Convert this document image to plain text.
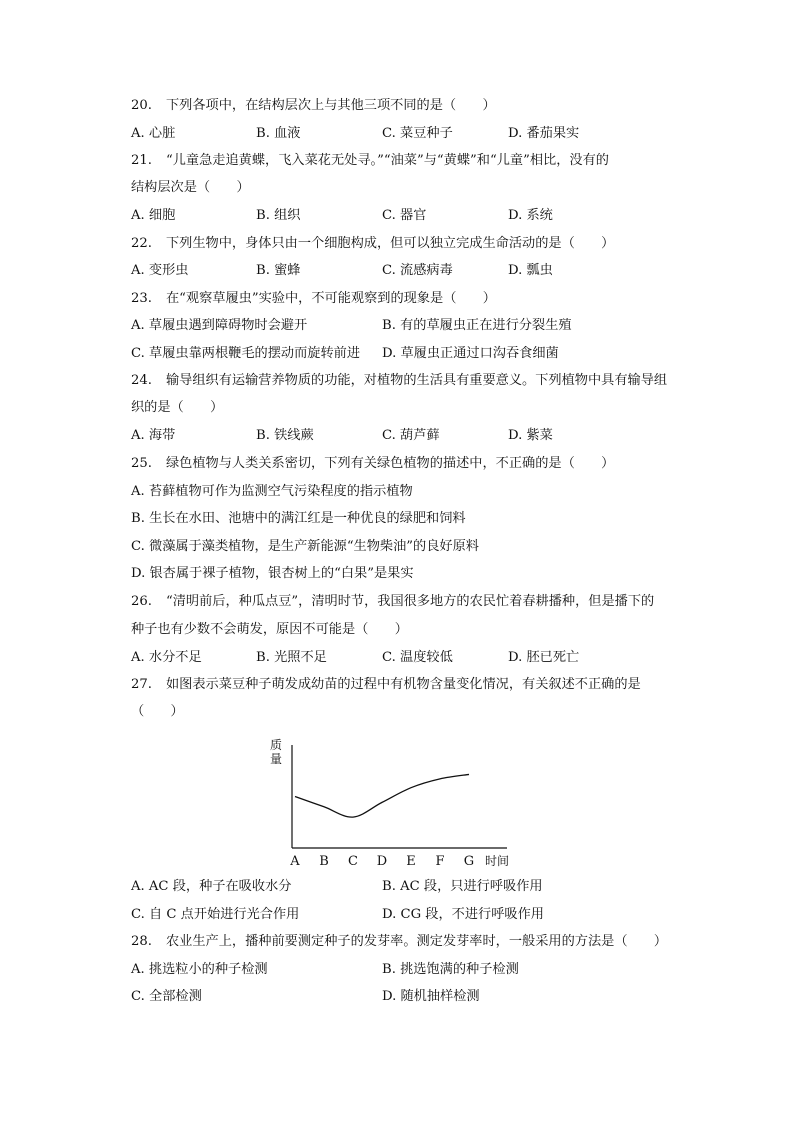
20. 下列各项中，在结构层次上与其他三项不同的是（　　）
A. 心脏	B. 血液	C. 菜豆种子	D. 番茄果实
21. “儿童急走追黄蝶，飞入菜花无处寻。”“油菜”与“黄蝶”和“儿童”相比，没有的
结构层次是（　　）
A. 细胞	B. 组织	C. 器官	D. 系统
22. 下列生物中，身体只由一个细胞构成，但可以独立完成生命活动的是（　　）
A. 变形虫	B. 蜜蜂	C. 流感病毒	D. 瓢虫
23. 在“观察草履虫”实验中，不可能观察到的现象是（　　）
A. 草履虫遇到障碍物时会避开	B. 有的草履虫正在进行分裂生殖
C. 草履虫靠两根鞭毛的摆动而旋转前进 D. 草履虫正通过口沟吞食细菌
24. 输导组织有运输营养物质的功能，对植物的生活具有重要意义。下列植物中具有输导组
织的是（　　）
A. 海带	B. 铁线蕨	C. 葫芦藓	D. 紫菜
25. 绿色植物与人类关系密切，下列有关绿色植物的描述中，不正确的是（　　）
A. 苔藓植物可作为监测空气污染程度的指示植物
B. 生长在水田、池塘中的满江红是一种优良的绿肥和饲料
C. 微藻属于藻类植物，是生产新能源“生物柴油”的良好原料
D. 银杏属于裸子植物，银杏树上的“白果”是果实
26. “清明前后，种瓜点豆”，清明时节，我国很多地方的农民忙着春耕播种，但是播下的
种子也有少数不会萌发，原因不可能是（　　）
A. 水分不足	B. 光照不足	C. 温度较低	D. 胚已死亡
27. 如图表示菜豆种子萌发成幼苗的过程中有机物含量变化情况，有关叙述不正确的是
（　　）
A B C D E F G
质
量
时间
A. AC 段，种子在吸收水分	B. AC 段，只进行呼吸作用
C. 自 C 点开始进行光合作用	D. CG 段，不进行呼吸作用
28. 农业生产上，播种前要测定种子的发芽率。测定发芽率时，一般采用的方法是（　　）
A. 挑选粒小的种子检测	B. 挑选饱满的种子检测
C. 全部检测	D. 随机抽样检测
